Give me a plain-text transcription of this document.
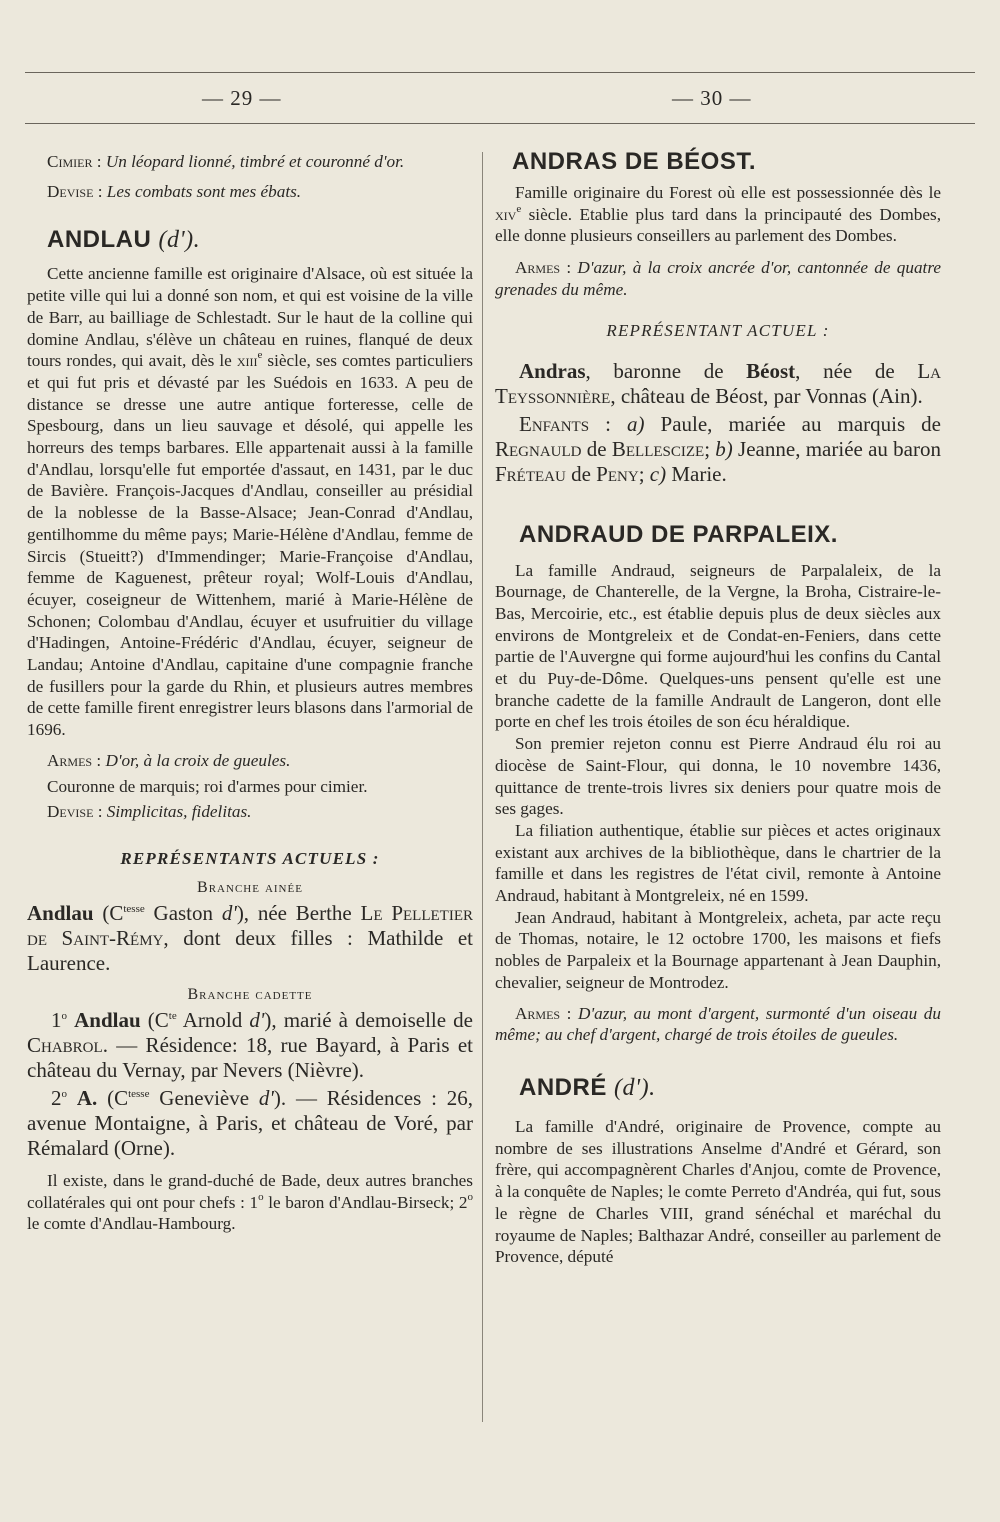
— 29 —	— 30 —

Cimier : Un léopard lionné, timbré et couronné d'or.

Devise : Les combats sont mes ébats.

ANDLAU (d').

Cette ancienne famille est originaire d'Alsace, où est située la petite ville qui lui a donné son nom, et qui est voisine de la ville de Barr, au bailliage de Schlestadt. Sur le haut de la colline qui domine Andlau, s'élève un château en ruines, flanqué de deux tours rondes, qui avait, dès le xiii$^e$ siècle, ses comtes particuliers et qui fut pris et dévasté par les Suédois en 1633. A peu de distance se dresse une autre antique forteresse, celle de Spesbourg, dans un lieu sauvage et désolé, qui appelle les horreurs des temps barbares. Elle appartenait aussi à la famille d'Andlau, lorsqu'elle fut emportée d'assaut, en 1431, par le duc de Bavière. François-Jacques d'Andlau, conseiller au présidial de la noblesse de la Basse-Alsace; Jean-Conrad d'Andlau, gentilhomme du même pays; Marie-Hélène d'Andlau, femme de Sircis (Stueitt?) d'Immendinger; Marie-Françoise d'Andlau, femme de Kaguenest, prêteur royal; Wolf-Louis d'Andlau, écuyer, coseigneur de Wittenhem, marié à Marie-Hélène de Schonen; Colombau d'Andlau, écuyer et usufruitier du village d'Hadingen, Antoine-Frédéric d'Andlau, écuyer, seigneur de Landau; Antoine d'Andlau, capitaine d'une compagnie franche de fusillers pour la garde du Rhin, et plusieurs autres membres de cette famille firent enregistrer leurs blasons dans l'armorial de 1696.

Armes : D'or, à la croix de gueules.

Couronne de marquis; roi d'armes pour cimier.

Devise : Simplicitas, fidelitas.

REPRÉSENTANTS ACTUELS :

Branche ainée

Andlau ($C^{tesse}$ Gaston d'), née Berthe Le Pelletier de Saint-Rémy, dont deux filles : Mathilde et Laurence.

Branche cadette

1$^o$ Andlau ($C^{te}$ Arnold d'), marié à demoiselle de Chabrol. — Résidence: 18, rue Bayard, à Paris et château du Vernay, par Nevers (Nièvre).

2$^o$ A. ($C^{tesse}$ Geneviève d'). — Résidences : 26, avenue Montaigne, à Paris, et château de Voré, par Rémalard (Orne).

Il existe, dans le grand-duché de Bade, deux autres branches collatérales qui ont pour chefs : 1$^o$ le baron d'Andlau-Birseck; 2$^o$ le comte d'Andlau-Hambourg.

ANDRAS DE BÉOST.

Famille originaire du Forest où elle est possessionnée dès le xiv$^e$ siècle. Etablie plus tard dans la principauté des Dombes, elle donne plusieurs conseillers au parlement des Dombes.

Armes : D'azur, à la croix ancrée d'or, cantonnée de quatre grenades du même.

REPRÉSENTANT ACTUEL :

Andras, baronne de Béost, née de La Teyssonnière, château de Béost, par Vonnas (Ain).

Enfants : a) Paule, mariée au marquis de Regnauld de Bellescize; b) Jeanne, mariée au baron Fréteau de Peny; c) Marie.

ANDRAUD DE PARPALEIX.

La famille Andraud, seigneurs de Parpalaleix, de la Bournage, de Chanterelle, de la Vergne, la Broha, Cistraire-le-Bas, Mercoirie, etc., est établie depuis plus de deux siècles aux environs de Montgreleix et de Condat-en-Feniers, dans cette partie de l'Auvergne qui forme aujourd'hui les confins du Cantal et du Puy-de-Dôme. Quelques-uns pensent qu'elle est une branche cadette de la famille Andrault de Langeron, dont elle porte en chef les trois étoiles de son écu héraldique.

Son premier rejeton connu est Pierre Andraud élu roi au diocèse de Saint-Flour, qui donna, le 10 novembre 1436, quittance de trente-trois livres six deniers pour quatre mois de ses gages.

La filiation authentique, établie sur pièces et actes originaux existant aux archives de la bibliothèque, dans le chartrier de la famille et dans les registres de l'état civil, remonte à Antoine Andraud, habitant à Montgreleix, né en 1599.

Jean Andraud, habitant à Montgreleix, acheta, par acte reçu de Thomas, notaire, le 12 octobre 1700, les maisons et fiefs nobles de Parpaleix et la Bournage appartenant à Jean Dauphin, chevalier, seigneur de Montrodez.

Armes : D'azur, au mont d'argent, surmonté d'un oiseau du même; au chef d'argent, chargé de trois étoiles de gueules.

ANDRÉ (d').

La famille d'André, originaire de Provence, compte au nombre de ses illustrations Anselme d'André et Gérard, son frère, qui accompagnèrent Charles d'Anjou, comte de Provence, à la conquête de Naples; le comte Perreto d'Andréa, qui fut, sous le règne de Charles VIII, grand sénéchal et maréchal du royaume de Naples; Balthazar André, conseiller au parlement de Provence, député
